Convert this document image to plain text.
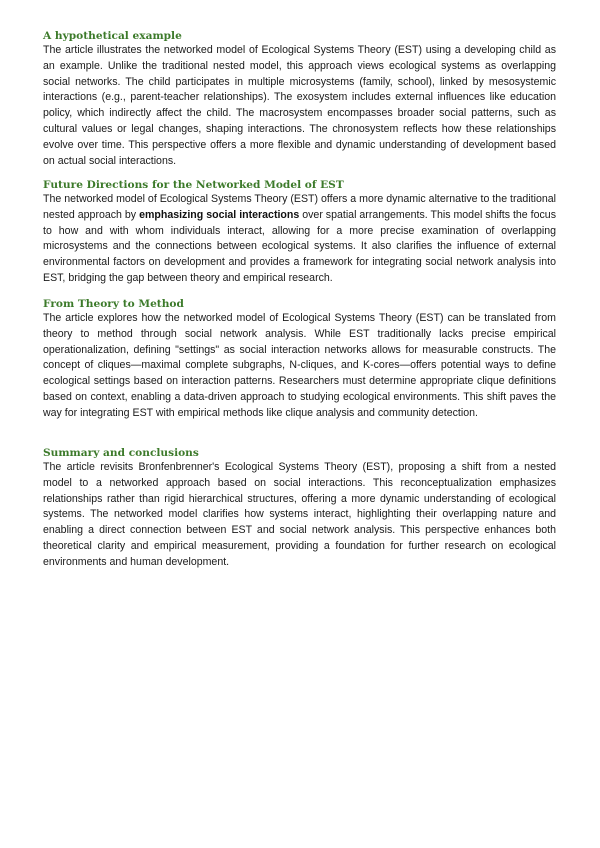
A hypothetical example

The article illustrates the networked model of Ecological Systems Theory (EST) using a developing child as an example. Unlike the traditional nested model, this approach views ecological systems as overlapping social networks. The child participates in multiple microsystems (family, school), linked by mesosystemic interactions (e.g., parent-teacher relationships). The exosystem includes external influences like education policy, which indirectly affect the child. The macrosystem encompasses broader social patterns, such as cultural values or legal changes, shaping interactions. The chronosystem reflects how these relationships evolve over time. This perspective offers a more flexible and dynamic understanding of development based on actual social interactions.

Future Directions for the Networked Model of EST

The networked model of Ecological Systems Theory (EST) offers a more dynamic alternative to the traditional nested approach by emphasizing social interactions over spatial arrangements. This model shifts the focus to how and with whom individuals interact, allowing for a more precise examination of overlapping microsystems and the connections between ecological systems. It also clarifies the influence of external environmental factors on development and provides a framework for integrating social network analysis into EST, bridging the gap between theory and empirical research.

From Theory to Method

The article explores how the networked model of Ecological Systems Theory (EST) can be translated from theory to method through social network analysis. While EST traditionally lacks precise empirical operationalization, defining "settings" as social interaction networks allows for measurable constructs. The concept of cliques—maximal complete subgraphs, N-cliques, and K-cores—offers potential ways to define ecological settings based on interaction patterns. Researchers must determine appropriate clique definitions based on context, enabling a data-driven approach to studying ecological environments. This shift paves the way for integrating EST with empirical methods like clique analysis and community detection.

Summary and conclusions

The article revisits Bronfenbrenner's Ecological Systems Theory (EST), proposing a shift from a nested model to a networked approach based on social interactions. This reconceptualization emphasizes relationships rather than rigid hierarchical structures, offering a more dynamic understanding of ecological systems. The networked model clarifies how systems interact, highlighting their overlapping nature and enabling a direct connection between EST and social network analysis. This perspective enhances both theoretical clarity and empirical measurement, providing a foundation for further research on ecological environments and human development.
